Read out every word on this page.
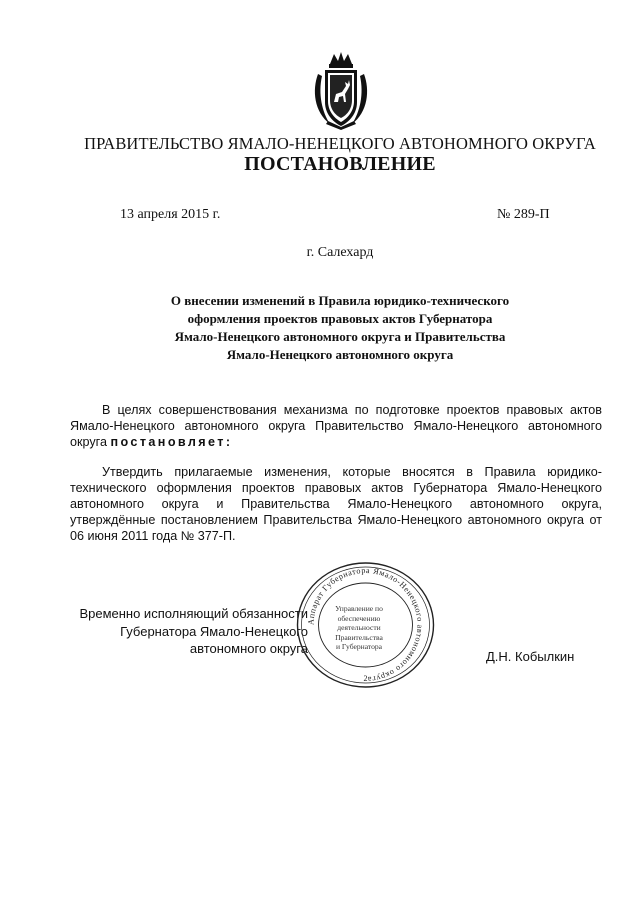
ПРАВИТЕЛЬСТВО ЯМАЛО-НЕНЕЦКОГО АВТОНОМНОГО ОКРУГА
ПОСТАНОВЛЕНИЕ
13 апреля 2015 г.	№ 289-П
г. Салехард
О внесении изменений в Правила юридико-технического
оформления проектов правовых актов Губернатора
Ямало-Ненецкого автономного округа и Правительства
Ямало-Ненецкого автономного округа
В целях совершенствования механизма по подготовке проектов правовых актов Ямало-Ненецкого автономного округа Правительство Ямало-Ненецкого автономного округа постановляет:
Утвердить прилагаемые изменения, которые вносятся в Правила юридико-технического оформления проектов правовых актов Губернатора Ямало-Ненецкого автономного округа и Правительства Ямало-Ненецкого автономного округа, утверждённые постановлением Правительства Ямало-Ненецкого автономного округа от 06 июня 2011 года № 377-П.
Временно исполняющий обязанности
Губернатора Ямало-Ненецкого
автономного округа
Д.Н. Кобылкин
Аппарат Губернатора Ямало-Ненецкого автономного округа
2
Управление по
обеспечению
деятельности
Правительства
и Губернатора
